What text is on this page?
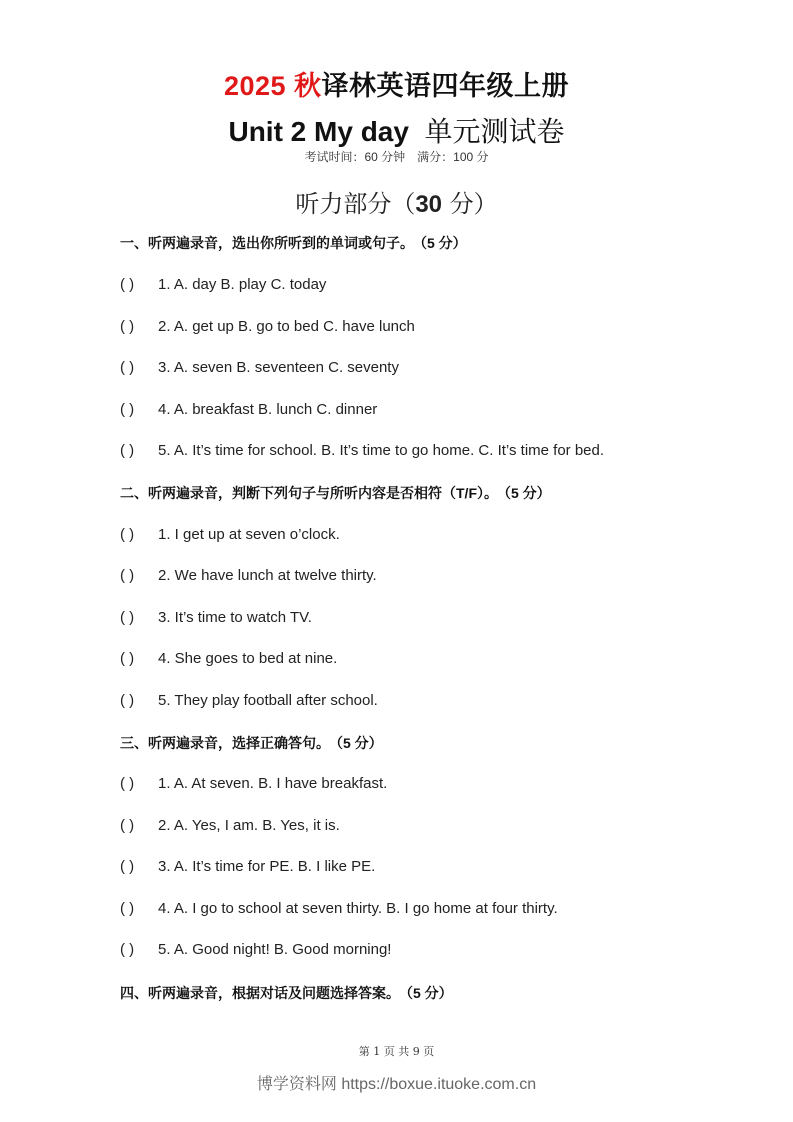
2025 秋译林英语四年级上册
Unit 2 My day 单元测试卷
考试时间：60 分钟 满分：100 分
听力部分（30 分）
一、听两遍录音，选出你所听到的单词或句子。 （5 分）
( ) 1. A. day B. play C. today
( ) 2. A. get up B. go to bed C. have lunch
( ) 3. A. seven B. seventeen C. seventy
( ) 4. A. breakfast B. lunch C. dinner
( ) 5. A. It’s time for school. B. It’s time to go home. C. It’s time for bed.
二、听两遍录音，判断下列句子与所听内容是否相符（T/F）。 （5 分）
( ) 1. I get up at seven o’clock.
( ) 2. We have lunch at twelve thirty.
( ) 3. It’s time to watch TV.
( ) 4. She goes to bed at nine.
( ) 5. They play football after school.
三、听两遍录音，选择正确答句。 （5 分）
( ) 1. A. At seven. B. I have breakfast.
( ) 2. A. Yes, I am. B. Yes, it is.
( ) 3. A. It’s time for PE. B. I like PE.
( ) 4. A. I go to school at seven thirty. B. I go home at four thirty.
( ) 5. A. Good night! B. Good morning!
四、听两遍录音，根据对话及问题选择答案。 （5 分）
第 1 页 共 9 页
博学资料网 https://boxue.ituoke.com.cn
